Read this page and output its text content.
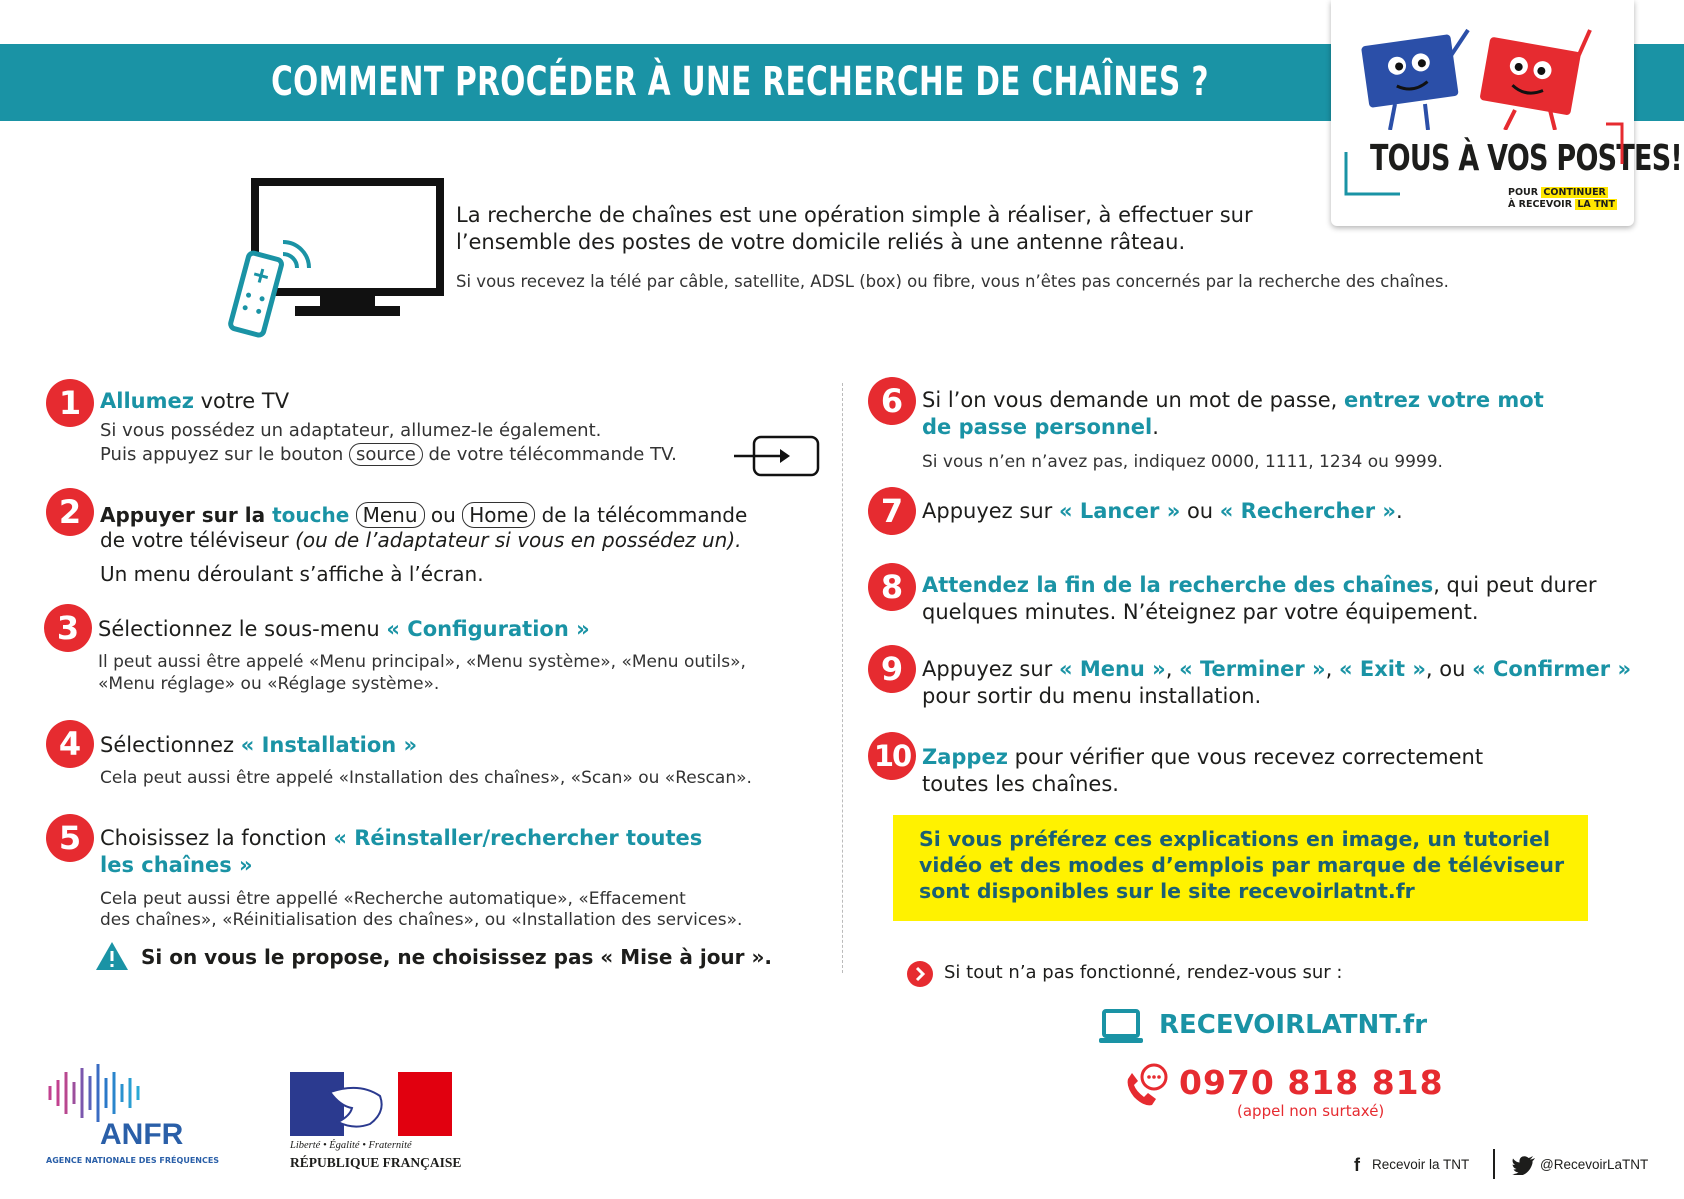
COMMENT PROCÉDER À UNE RECHERCHE DE CHAÎNES ?
TOUS À VOS POSTES!
POUR CONTINUER
À RECEVOIR LA TNT
La recherche de chaînes est une opération simple à réaliser, à effectuer sur l’ensemble des postes de votre domicile reliés à une antenne râteau.
Si vous recevez la télé par câble, satellite, ADSL (box) ou fibre, vous n’êtes pas concernés par la recherche des chaînes.
1 Allumez votre TV
Si vous possédez un adaptateur, allumez-le également.
Puis appuyez sur le bouton source de votre télécommande TV.
2 Appuyer sur la touche Menu ou Home de la télécommande
de votre téléviseur (ou de l’adaptateur si vous en possédez un).
Un menu déroulant s’affiche à l’écran.
3 Sélectionnez le sous-menu « Configuration »
Il peut aussi être appelé «Menu principal», «Menu système», «Menu outils»,
«Menu réglage» ou «Réglage système».
4 Sélectionnez « Installation »
Cela peut aussi être appelé «Installation des chaînes», «Scan» ou «Rescan».
5 Choisissez la fonction « Réinstaller/rechercher toutes
les chaînes »
Cela peut aussi être appellé «Recherche automatique», «Effacement
des chaînes», «Réinitialisation des chaînes», ou «Installation des services».
Si on vous le propose, ne choisissez pas « Mise à jour ».
6 Si l’on vous demande un mot de passe, entrez votre mot
de passe personnel.
Si vous n’en n’avez pas, indiquez 0000, 1111, 1234 ou 9999.
7 Appuyez sur « Lancer » ou « Rechercher ».
8 Attendez la fin de la recherche des chaînes, qui peut durer
quelques minutes. N’éteignez par votre équipement.
9 Appuyez sur « Menu », « Terminer », « Exit », ou « Confirmer »
pour sortir du menu installation.
10 Zappez pour vérifier que vous recevez correctement
toutes les chaînes.
Si vous préférez ces explications en image, un tutoriel vidéo et des modes d’emplois par marque de téléviseur sont disponibles sur le site recevoirlatnt.fr
Si tout n’a pas fonctionné, rendez-vous sur :
RECEVOIRLATNT.fr
0970 818 818
(appel non surtaxé)
ANFR
AGENCE NATIONALE DES FRÉQUENCES
Liberté • Égalité • Fraternité
RÉPUBLIQUE FRANÇAISE	f Recevoir la TNT	@RecevoirLaTNT
